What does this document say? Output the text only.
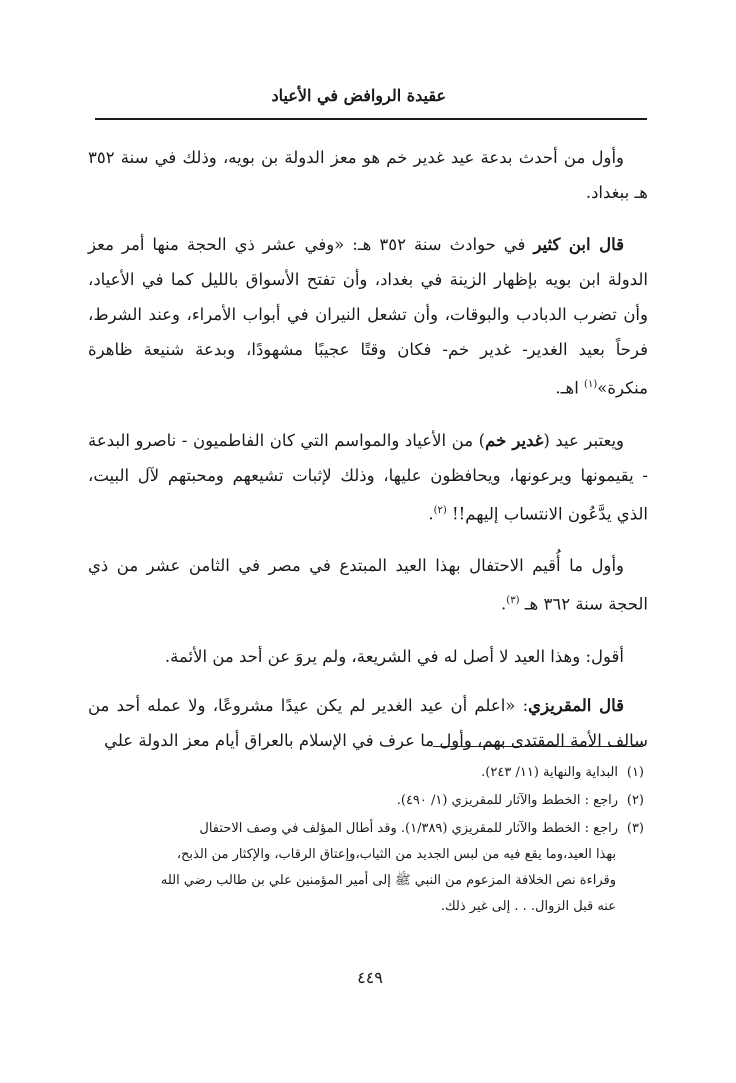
عقيدة الروافض في الأعياد

وأول من أحدث بدعة عيد غدير خم هو معز الدولة بن بويه، وذلك في سنة ٣٥٢ هـ ببغداد.

قال ابن كثير في حوادث سنة ٣٥٢ هـ: «وفي عشر ذي الحجة منها أمر معز الدولة ابن بويه بإظهار الزينة في بغداد، وأن تفتح الأسواق بالليل كما في الأعياد، وأن تضرب الدبادب والبوقات، وأن تشعل النيران في أبواب الأمراء، وعند الشرط، فرحاً بعيد الغدير- غدير خم- فكان وقتًا عجيبًا مشهودًا، وبدعة شنيعة ظاهرة منكرة»$^{(١)}$ اهـ.

ويعتبر عيد (غدير خم) من الأعياد والمواسم التي كان الفاطميون - ناصرو البدعة - يقيمونها ويرعونها، ويحافظون عليها، وذلك لإثبات تشيعهم ومحبتهم لآل البيت، الذي يدَّعُون الانتساب إليهم!! $^{(٢)}$.

وأول ما أُقيم الاحتفال بهذا العيد المبتدع في مصر في الثامن عشر من ذي الحجة سنة ٣٦٢ هـ $^{(٣)}$.

أقول: وهذا العيد لا أصل له في الشريعة، ولم يروَ عن أحد من الأئمة.

قال المقريزي: «اعلم أن عيد الغدير لم يكن عيدًا مشروعًا، ولا عمله أحد من سالف الأمة المقتدى بهم، وأول ما عرف في الإسلام بالعراق أيام معز الدولة علي

(١)البداية والنهاية (١١/ ٢٤٣).
(٢)راجع : الخطط والآثار للمقريزي (١/ ٤٩٠).
(٣)راجع : الخطط والآثار للمقريزي (١/٣٨٩). وقد أطال المؤلف في وصف الاحتفال
بهذا العيد،وما يقع فيه من لبس الجديد من الثياب،وإعتاق الرقاب، والإكثار من الذبح،
وقراءة نص الخلافة المزعوم من النبي ﷺ إلى أمير المؤمنين علي بن طالب رضي الله
عنه قبل الزوال. . . إلى غير ذلك.
٤٤٩
